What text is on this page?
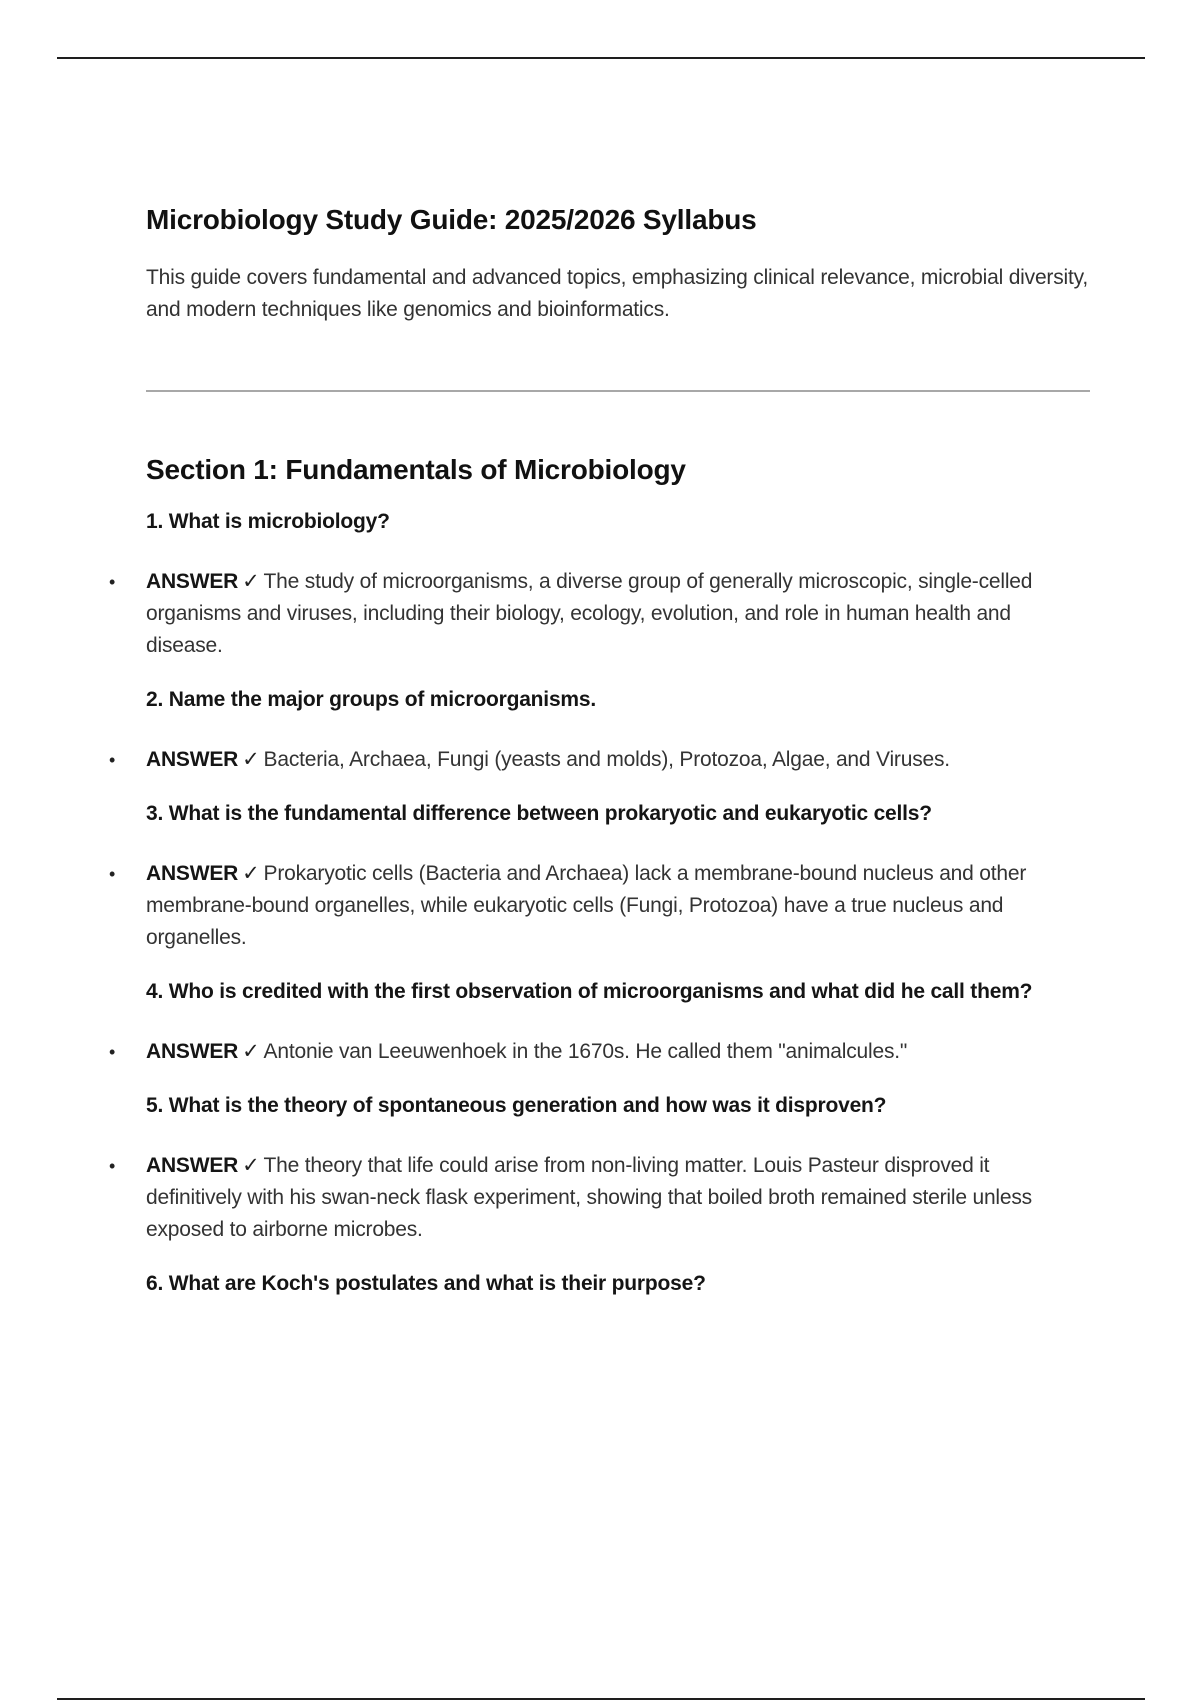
Microbiology Study Guide: 2025/2026 Syllabus

This guide covers fundamental and advanced topics, emphasizing clinical relevance, microbial diversity, and modern techniques like genomics and bioinformatics.

Section 1: Fundamentals of Microbiology

1. What is microbiology?

• ANSWER ✓ The study of microorganisms, a diverse group of generally microscopic, single-celled organisms and viruses, including their biology, ecology, evolution, and role in human health and disease.

2. Name the major groups of microorganisms.

• ANSWER ✓ Bacteria, Archaea, Fungi (yeasts and molds), Protozoa, Algae, and Viruses.

3. What is the fundamental difference between prokaryotic and eukaryotic cells?

• ANSWER ✓ Prokaryotic cells (Bacteria and Archaea) lack a membrane-bound nucleus and other membrane-bound organelles, while eukaryotic cells (Fungi, Protozoa) have a true nucleus and organelles.

4. Who is credited with the first observation of microorganisms and what did he call them?

• ANSWER ✓ Antonie van Leeuwenhoek in the 1670s. He called them "animalcules."

5. What is the theory of spontaneous generation and how was it disproven?

• ANSWER ✓ The theory that life could arise from non-living matter. Louis Pasteur disproved it definitively with his swan-neck flask experiment, showing that boiled broth remained sterile unless exposed to airborne microbes.

6. What are Koch's postulates and what is their purpose?
